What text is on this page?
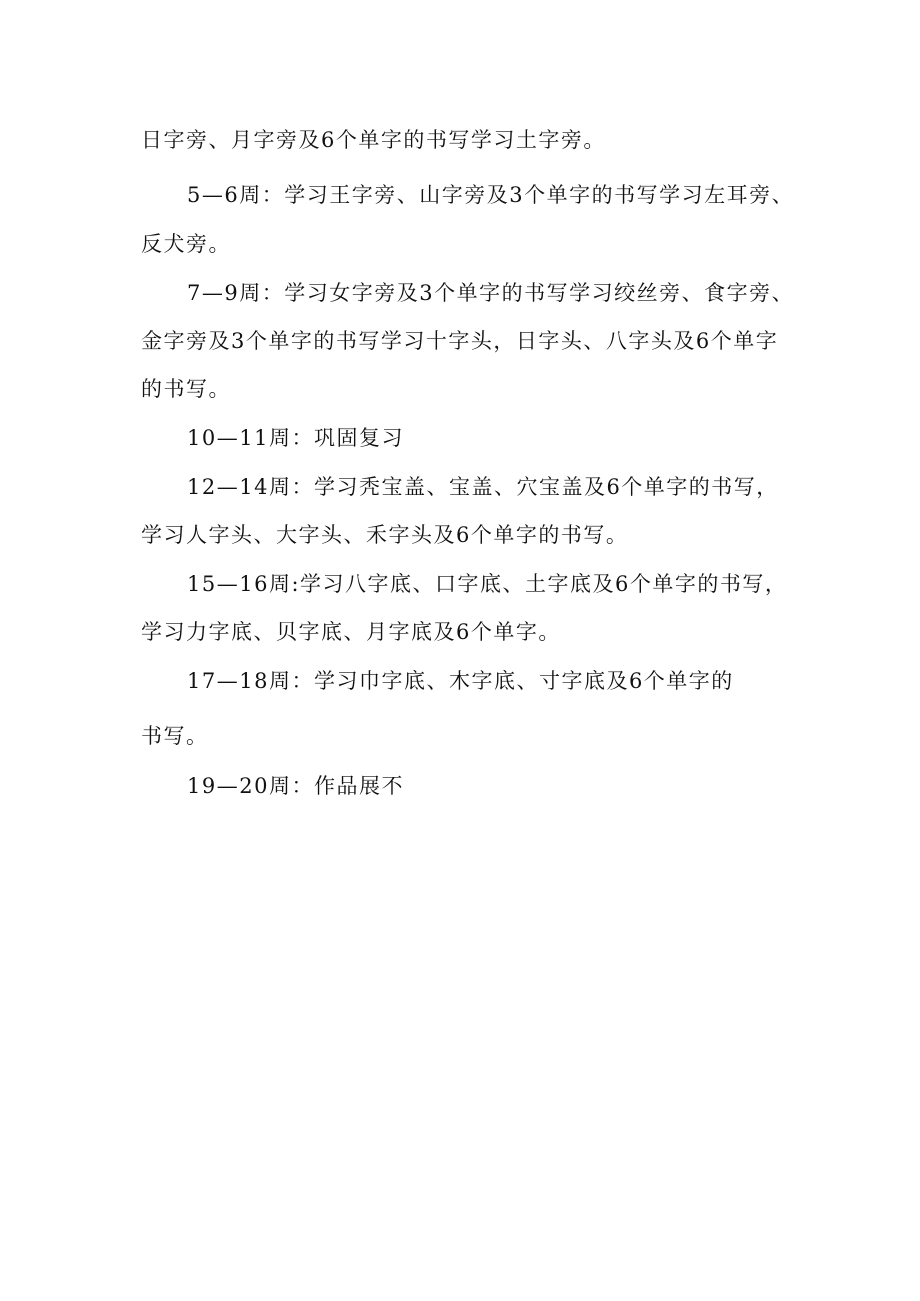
日字旁、月字旁及6个单字的书写学习土字旁。
5—6周：学习王字旁、山字旁及3个单字的书写学习左耳旁、
反犬旁。
7—9周：学习女字旁及3个单字的书写学习绞丝旁、食字旁、
金字旁及3个单字的书写学习十字头，日字头、八字头及6个单字
的书写。
10—11周：巩固复习
12—14周：学习秃宝盖、宝盖、穴宝盖及6个单字的书写，
学习人字头、大字头、禾字头及6个单字的书写。
15—16周:学习八字底、口字底、土字底及6个单字的书写，
学习力字底、贝字底、月字底及6个单字。
17—18周：学习巾字底、木字底、寸字底及6个单字的
书写。
19—20周：作品展不
